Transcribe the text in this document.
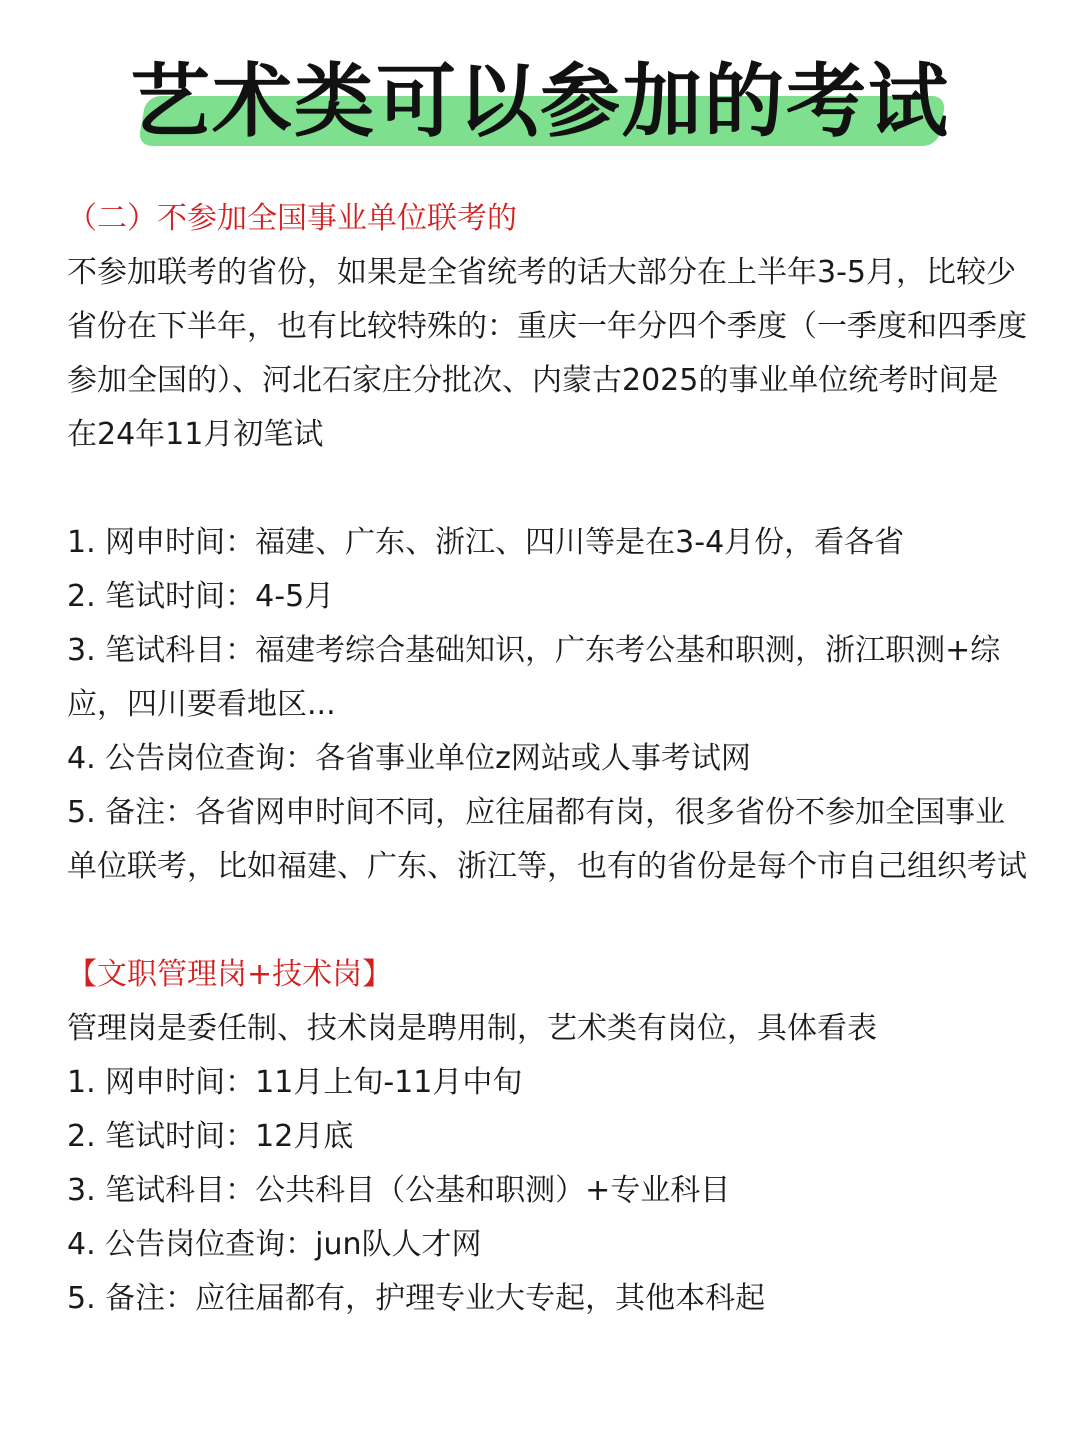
艺术类可以参加的考试

（二）不参加全国事业单位联考的

不参加联考的省份，如果是全省统考的话大部分在上半年3-5月，比较少省份在下半年，也有比较特殊的：重庆一年分四个季度（一季度和四季度参加全国的）、河北石家庄分批次、内蒙古2025的事业单位统考时间是在24年11月初笔试

1. 网申时间：福建、广东、浙江、四川等是在3-4月份，看各省

2. 笔试时间：4-5月

3. 笔试科目：福建考综合基础知识，广东考公基和职测，浙江职测+综应，四川要看地区...

4. 公告岗位查询：各省事业单位z网站或人事考试网

5. 备注：各省网申时间不同，应往届都有岗，很多省份不参加全国事业单位联考，比如福建、广东、浙江等，也有的省份是每个市自己组织考试

【文职管理岗+技术岗】

管理岗是委任制、技术岗是聘用制，艺术类有岗位，具体看表

1. 网申时间：11月上旬-11月中旬

2. 笔试时间：12月底

3. 笔试科目：公共科目（公基和职测）+专业科目

4. 公告岗位查询：jun队人才网

5. 备注：应往届都有，护理专业大专起，其他本科起
